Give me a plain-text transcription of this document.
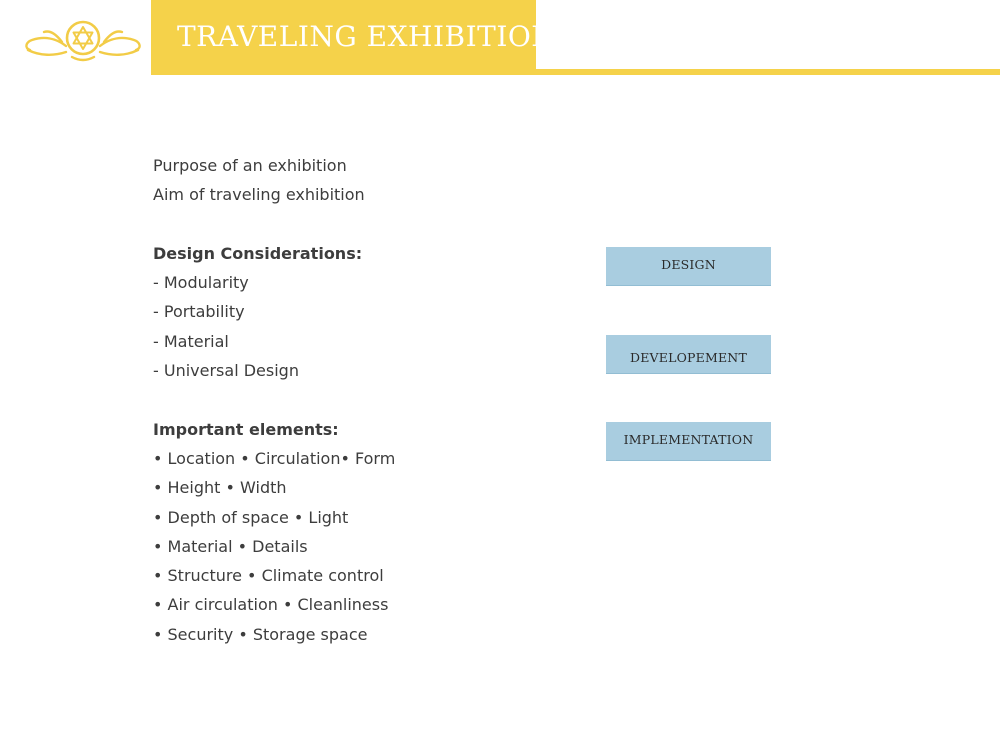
TRAVELING EXHIBITION
Purpose of an exhibition
Aim of traveling exhibition
Design Considerations:
- Modularity
- Portability
- Material
- Universal Design
Important elements:
• Location • Circulation• Form
• Height • Width
• Depth of space • Light
• Material • Details
• Structure • Climate control
• Air circulation • Cleanliness
• Security • Storage space
DESIGN
DEVELOPEMENT
IMPLEMENTATION
